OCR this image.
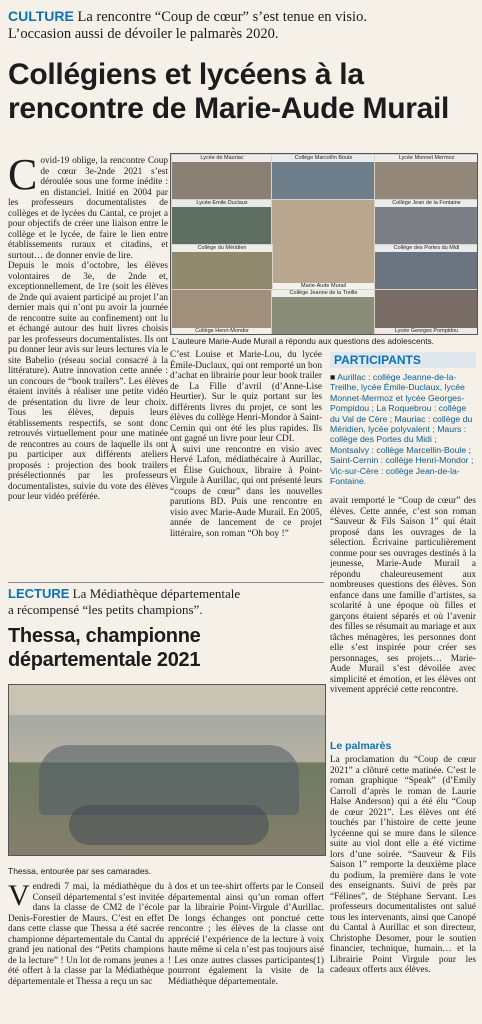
CULTURE La rencontre “Coup de cœur” s’est tenue en visio.
L’occasion aussi de dévoiler le palmarès 2020.
Collégiens et lycéens à la
rencontre de Marie-Aude Murail

Covid-19 oblige, la rencontre Coup de cœur 3e-2nde 2021 s’est déroulée sous une forme inédite : en distanciel. Initié en 2004 par les professeurs documentalistes de collèges et de lycées du Cantal, ce projet a pour objectifs de créer une liaison entre le collège et le lycée, de faire le lien entre établissements ruraux et citadins, et surtout… de donner envie de lire.

Depuis le mois d’octobre, les élèves volontaires de 3e, de 2nde et, exceptionnellement, de 1re (soit les élèves de 2nde qui avaient participé au projet l’an dernier mais qui n’ont pu avoir la journée de rencontre suite au confinement) ont lu et échangé autour des huit livres choisis par les professeurs documentalistes. Ils ont pu donner leur avis sur leurs lectures via le site Babelio (réseau social consacré à la littérature). Autre innovation cette année : un concours de “book trailers”. Les élèves étaient invités à réaliser une petite vidéo de présentation du livre de leur choix. Tous les élèves, depuis leurs établissements respectifs, se sont donc retrouvés virtuellement pour une matinée de rencontres au cours de laquelle ils ont pu participer aux différents ateliers proposés : projection des book trailers présélectionnés par les professeurs documentalistes, suivie du vote des élèves pour leur vidéo préférée.

Lycée de Mauriac	Collège Marcellin Boule	Lycée Monnet Mermoz
Lycée Émile Duclaux
Marie-Aude Murail
Collège Jean de la Fontaine
Collège du Méridien	Collège des Portes du Midi
Collège Henri-Mondor
Collège Jeanne de la Treille
Lycée Georges Pompidou
L’auteure Marie-Aude Murail a répondu aux questions des adolescents.

C’est Louise et Marie-Lou, du lycée Émile-Duclaux, qui ont remporté un bon d’achat en librairie pour leur book trailer de La Fille d’avril (d’Anne-Lise Heurtier). Sur le quiz portant sur les différents livres du projet, ce sont les élèves du collège Henri-Mondor à Saint-Cernin qui ont été les plus rapides. Ils ont gagné un livre pour leur CDI.

À suivi une rencontre en visio avec Hervé Lafon, médiathécaire à Aurillac, et Élise Guichoux, libraire à Point-Virgule à Aurillac, qui ont présenté leurs “coups de cœur” dans les nouvelles parutions BD. Puis une rencontre en visio avec Marie-Aude Murail. En 2005, année de lancement de ce projet littéraire, son roman “Oh boy !”

PARTICIPANTS
■ Aurillac : collège Jeanne-de-la-Treilhe, lycée Émile-Duclaux, lycée Monnet-Mermoz et lycée Georges-Pompidou ; La Roquebrou : collège du Val de Cère ; Mauriac : collège du Méridien, lycée polyvalent ; Maurs : collège des Portes du Midi ; Montsalvy : collège Marcellin-Boule ; Saint-Cernin : collège Henri-Mondor ; Vic-sur-Cère : collège Jean-de-la-Fontaine.

avait remporté le “Coup de cœur” des élèves. Cette année, c’est son roman “Sauveur & Fils Saison 1” qui était proposé dans les ouvrages de la sélection. Écrivaine particulièrement connue pour ses ouvrages destinés à la jeunesse, Marie-Aude Murail a répondu chaleureusement aux nombreuses questions des élèves. Son enfance dans une famille d’artistes, sa scolarité à une époque où filles et garçons étaient séparés et où l’avenir des filles se résumait au mariage et aux tâches ménagères, les personnes dont elle s’est inspirée pour créer ses personnages, ses projets… Marie-Aude Murail s’est dévoilée avec simplicité et émotion, et les élèves ont vivement apprécié cette rencontre.

Le palmarès

La proclamation du “Coup de cœur 2021” a clôturé cette matinée. C’est le roman graphique “Speak” (d’Emily Carroll d’après le roman de Laurie Halse Anderson) qui a été élu “Coup de cœur 2021”. Les élèves ont été touchés par l’histoire de cette jeune lycéenne qui se mure dans le silence suite au viol dont elle a été victime lors d’une soirée. “Sauveur & Fils Saison 1” remporte la deuxième place du podium, la première dans le vote des enseignants. Suivi de près par “Félines”, de Stéphane Servant. Les professeurs documentalistes ont salué tous les intervenants, ainsi que Canopé du Cantal à Aurillac et son directeur, Christophe Desomer, pour le soutien financier, technique, humain… et la Librairie Point Virgule pour les cadeaux offerts aux élèves.

LECTURE La Médiathèque départementale
a récompensé “les petits champions”.
Thessa, championne
départementale 2021
Thessa, entourée par ses camarades.

Vendredi 7 mai, la médiathèque du Conseil départemental s’est invitée dans la classe de CM2 de l’école Denis-Forestier de Maurs. C’est en effet dans cette classe que Thessa a été sacrée championne départementale du Cantal du grand jeu national des “Petits champions de la lecture” ! Un lot de romans jeunes a été offert à la classe par la Médiathèque départementale et Thessa a reçu un sac

à dos et un tee-shirt offerts par le Conseil départemental ainsi qu’un roman offert par la librairie Point-Virgule d’Aurillac. De longs échanges ont ponctué cette rencontre ; les élèves de la classe ont apprécié l’expérience de la lecture à voix haute même si cela n’est pas toujours aisé ! Les onze autres classes participantes(1) pourront également la visite de la Médiathèque départementale.
